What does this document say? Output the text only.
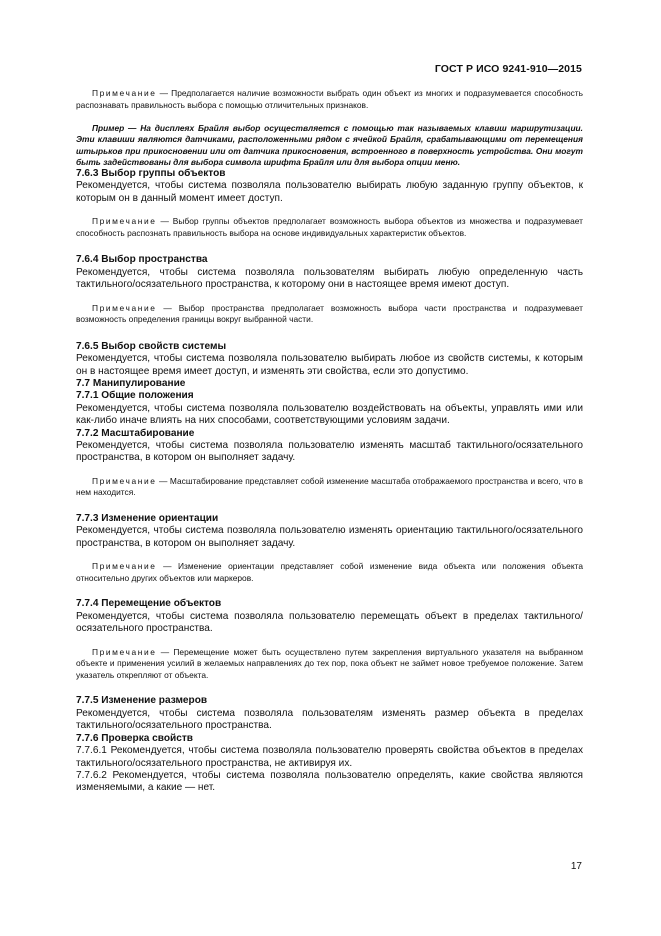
ГОСТ Р ИСО 9241-910—2015

Примечание — Предполагается наличие возможности выбрать один объект из многих и подразумевается способность распознавать правильность выбора с помощью отличительных признаков.

Пример — На дисплеях Брайля выбор осуществляется с помощью так называемых клавиш маршрутизации. Эти клавиши являются датчиками, расположенными рядом с ячейкой Брайля, срабатывающими от перемещения штырьков при прикосновении или от датчика прикосновения, встроенного в поверхность устройства. Они могут быть задействованы для выбора символа шрифта Брайля или для выбора опции меню.

7.6.3 Выбор группы объектов

Рекомендуется, чтобы система позволяла пользователю выбирать любую заданную группу объектов, к которым он в данный момент имеет доступ.

Примечание — Выбор группы объектов предполагает возможность выбора объектов из множества и подразумевает способность распознать правильность выбора на основе индивидуальных характеристик объектов.

7.6.4 Выбор пространства

Рекомендуется, чтобы система позволяла пользователям выбирать любую определенную часть тактильного/осязательного пространства, к которому они в настоящее время имеют доступ.

Примечание — Выбор пространства предполагает возможность выбора части пространства и подразумевает возможность определения границы вокруг выбранной части.

7.6.5 Выбор свойств системы

Рекомендуется, чтобы система позволяла пользователю выбирать любое из свойств системы, к которым он в настоящее время имеет доступ, и изменять эти свойства, если это допустимо.

7.7 Манипулирование

7.7.1 Общие положения

Рекомендуется, чтобы система позволяла пользователю воздействовать на объекты, управлять ими или как-либо иначе влиять на них способами, соответствующими условиям задачи.

7.7.2 Масштабирование

Рекомендуется, чтобы система позволяла пользователю изменять масштаб тактильного/осязательного пространства, в котором он выполняет задачу.

Примечание — Масштабирование представляет собой изменение масштаба отображаемого пространства и всего, что в нем находится.

7.7.3 Изменение ориентации

Рекомендуется, чтобы система позволяла пользователю изменять ориентацию тактильного/осязательного пространства, в котором он выполняет задачу.

Примечание — Изменение ориентации представляет собой изменение вида объекта или положения объекта относительно других объектов или маркеров.

7.7.4 Перемещение объектов

Рекомендуется, чтобы система позволяла пользователю перемещать объект в пределах тактильного/осязательного пространства.

Примечание — Перемещение может быть осуществлено путем закрепления виртуального указателя на выбранном объекте и применения усилий в желаемых направлениях до тех пор, пока объект не займет новое требуемое положение. Затем указатель открепляют от объекта.

7.7.5 Изменение размеров

Рекомендуется, чтобы система позволяла пользователям изменять размер объекта в пределах тактильного/осязательного пространства.

7.7.6 Проверка свойств

7.7.6.1 Рекомендуется, чтобы система позволяла пользователю проверять свойства объектов в пределах тактильного/осязательного пространства, не активируя их.

7.7.6.2 Рекомендуется, чтобы система позволяла пользователю определять, какие свойства являются изменяемыми, а какие — нет.

17
